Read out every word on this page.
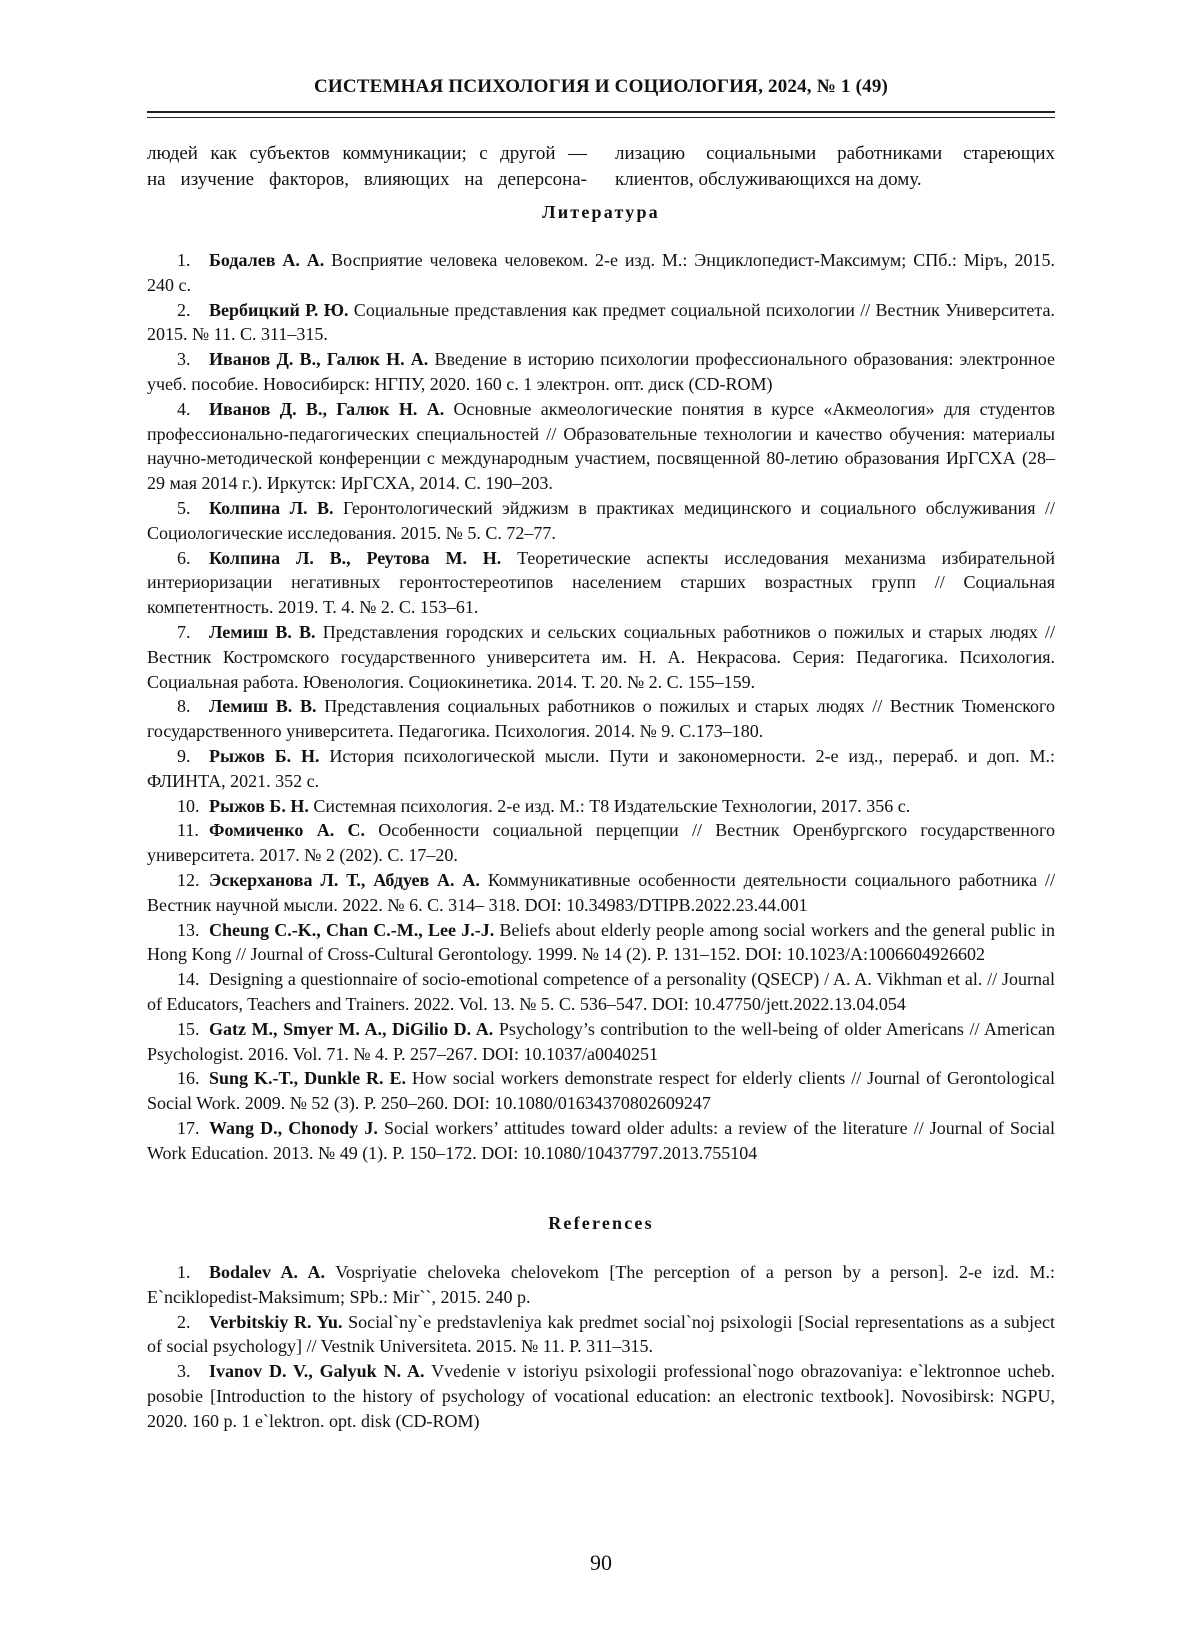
СИСТЕМНАЯ ПСИХОЛОГИЯ И СОЦИОЛОГИЯ, 2024, № 1 (49)
людей как субъектов коммуникации; с другой —
на изучение факторов, влияющих на деперсона-
лизацию социальными работниками стареющих
клиентов, обслуживающихся на дому.
Литература

1. Бодалев А. А. Восприятие человека человеком. 2-е изд. М.: Энциклопедист-Максимум; СПб.: Міръ, 2015. 240 с.

2. Вербицкий Р. Ю. Социальные представления как предмет социальной психологии // Вестник Университета. 2015. № 11. С. 311–315.

3. Иванов Д. В., Галюк Н. А. Введение в историю психологии профессионального образования: электронное учеб. пособие. Новосибирск: НГПУ, 2020. 160 с. 1 электрон. опт. диск (CD-ROM)

4. Иванов Д. В., Галюк Н. А. Основные акмеологические понятия в курсе «Акмеология» для студентов профессионально-педагогических специальностей // Образовательные технологии и качество обучения: материалы научно-методической конференции с международным участием, посвященной 80-летию образования ИрГСХА (28–29 мая 2014 г.). Иркутск: ИрГСХА, 2014. С. 190–203.

5. Колпина Л. В. Геронтологический эйджизм в практиках медицинского и социального обслуживания // Социологические исследования. 2015. № 5. С. 72–77.

6. Колпина Л. В., Реутова М. Н. Теоретические аспекты исследования механизма избирательной интериоризации негативных геронтостереотипов населением старших возрастных групп // Социальная компетентность. 2019. Т. 4. № 2. С. 153–61.

7. Лемиш В. В. Представления городских и сельских социальных работников о пожилых и старых людях // Вестник Костромского государственного университета им. Н. А. Некрасова. Серия: Педагогика. Психология. Социальная работа. Ювенология. Социокинетика. 2014. Т. 20. № 2. С. 155–159.

8. Лемиш В. В. Представления социальных работников о пожилых и старых людях // Вестник Тюменского государственного университета. Педагогика. Психология. 2014. № 9. С.173–180.

9. Рыжов Б. Н. История психологической мысли. Пути и закономерности. 2-е изд., перераб. и доп. М.: ФЛИНТА, 2021. 352 с.

10. Рыжов Б. Н. Системная психология. 2-е изд. М.: Т8 Издательские Технологии, 2017. 356 с.

11. Фомиченко А. С. Особенности социальной перцепции // Вестник Оренбургского государственного университета. 2017. № 2 (202). С. 17–20.

12. Эскерханова Л. Т., Абдуев А. А. Коммуникативные особенности деятельности социального работника // Вестник научной мысли. 2022. № 6. С. 314– 318. DOI: 10.34983/DTIPB.2022.23.44.001

13. Cheung C.-K., Chan C.-M., Lee J.-J. Beliefs about elderly people among social workers and the general public in Hong Kong // Journal of Cross-Cultural Gerontology. 1999. № 14 (2). P. 131–152. DOI: 10.1023/A:1006604926602

14. Designing a questionnaire of socio-emotional competence of a personality (QSECP) / A. A. Vikhman et al. // Journal of Educators, Teachers and Trainers. 2022. Vol. 13. № 5. С. 536–547. DOI: 10.47750/jett.2022.13.04.054

15. Gatz M., Smyer M. A., DiGilio D. A. Psychology’s contribution to the well-being of older Americans // American Psychologist. 2016. Vol. 71. № 4. P. 257–267. DOI: 10.1037/a0040251

16. Sung K.-T., Dunkle R. E. How social workers demonstrate respect for elderly clients // Journal of Gerontological Social Work. 2009. № 52 (3). P. 250–260. DOI: 10.1080/01634370802609247

17. Wang D., Chonody J. Social workers’ attitudes toward older adults: a review of the literature // Journal of Social Work Education. 2013. № 49 (1). P. 150–172. DOI: 10.1080/10437797.2013.755104

References

1. Bodalev A. A. Vospriyatie cheloveka chelovekom [The perception of a person by a person]. 2-e izd. M.: E`nciklopedist-Maksimum; SPb.: Mir``, 2015. 240 p.

2. Verbitskiy R. Yu. Social`ny`e predstavleniya kak predmet social`noj psixologii [Social representations as a subject of social psychology] // Vestnik Universiteta. 2015. № 11. P. 311–315.

3. Ivanov D. V., Galyuk N. A. Vvedenie v istoriyu psixologii professional`nogo obrazovaniya: e`lektronnoe ucheb. posobie [Introduction to the history of psychology of vocational education: an electronic textbook]. Novosibirsk: NGPU, 2020. 160 p. 1 e`lektron. opt. disk (CD-ROM)

90
